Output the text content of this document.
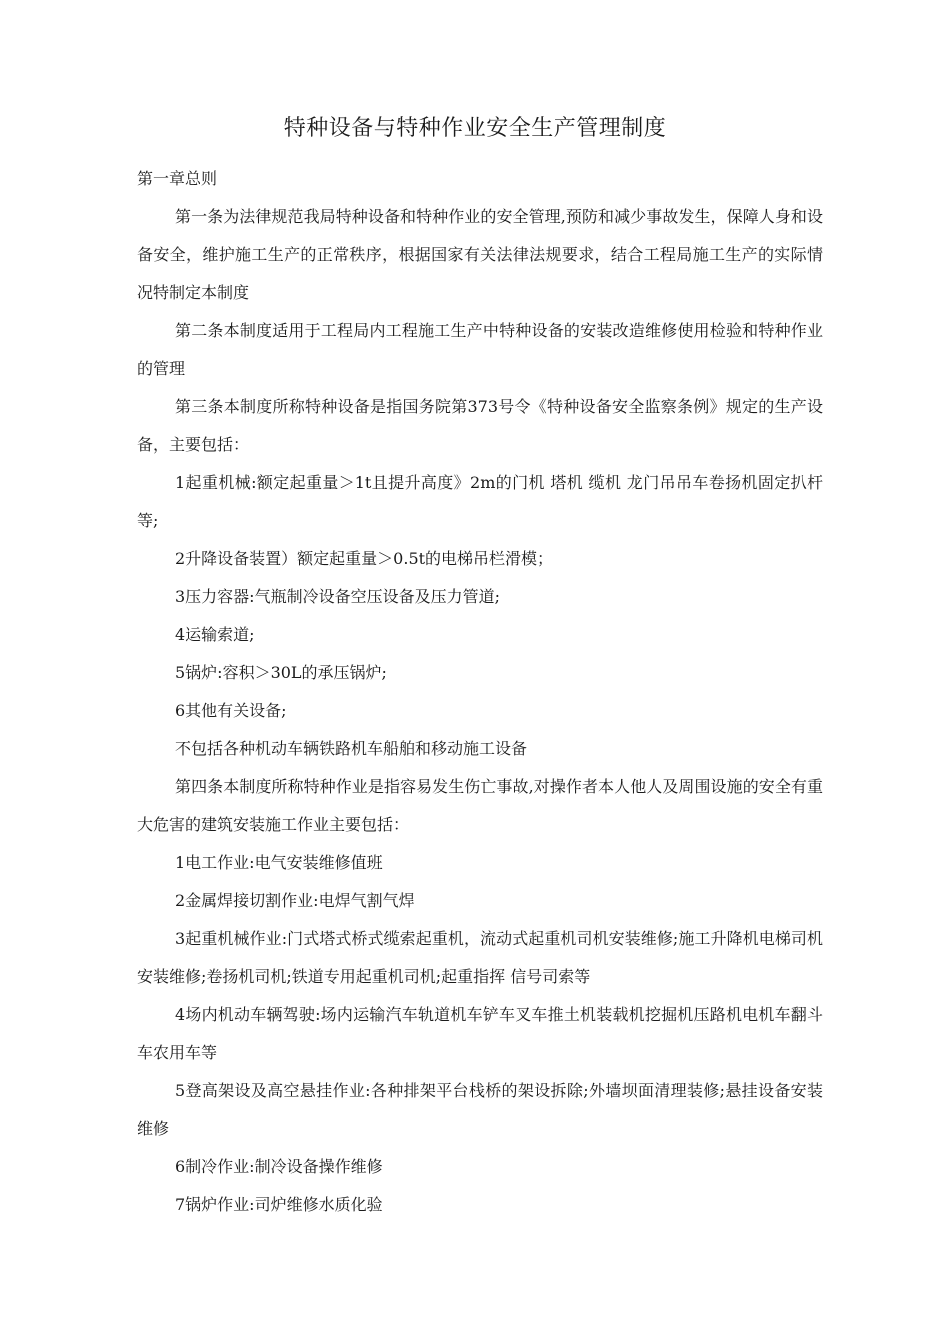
特种设备与特种作业安全生产管理制度

第一章总则

第一条为法律规范我局特种设备和特种作业的安全管理,预防和减少事故发生，保障人身和设备安全，维护施工生产的正常秩序，根据国家有关法律法规要求，结合工程局施工生产的实际情况特制定本制度

第二条本制度适用于工程局内工程施工生产中特种设备的安装改造维修使用检验和特种作业的管理

第三条本制度所称特种设备是指国务院第373号令《特种设备安全监察条例》规定的生产设备，主要包括：

1起重机械:额定起重量＞1t且提升高度》2m的门机 塔机 缆机 龙门吊吊车卷扬机固定扒杆等;

2升降设备装置）额定起重量＞0.5t的电梯吊栏滑模；

3压力容器:气瓶制冷设备空压设备及压力管道;

4运输索道;

5锅炉:容积＞30L的承压锅炉;

6其他有关设备;

不包括各种机动车辆铁路机车船舶和移动施工设备

第四条本制度所称特种作业是指容易发生伤亡事故,对操作者本人他人及周围设施的安全有重大危害的建筑安装施工作业主要包括：

1电工作业:电气安装维修值班

2金属焊接切割作业:电焊气割气焊

3起重机械作业:门式塔式桥式缆索起重机，流动式起重机司机安装维修;施工升降机电梯司机 安装维修;卷扬机司机;铁道专用起重机司机;起重指挥 信号司索等

4场内机动车辆驾驶:场内运输汽车轨道机车铲车叉车推土机装载机挖掘机压路机电机车翻斗车农用车等

5登高架设及高空悬挂作业:各种排架平台栈桥的架设拆除;外墙坝面清理装修;悬挂设备安装维修

6制冷作业:制冷设备操作维修

7锅炉作业:司炉维修水质化验
